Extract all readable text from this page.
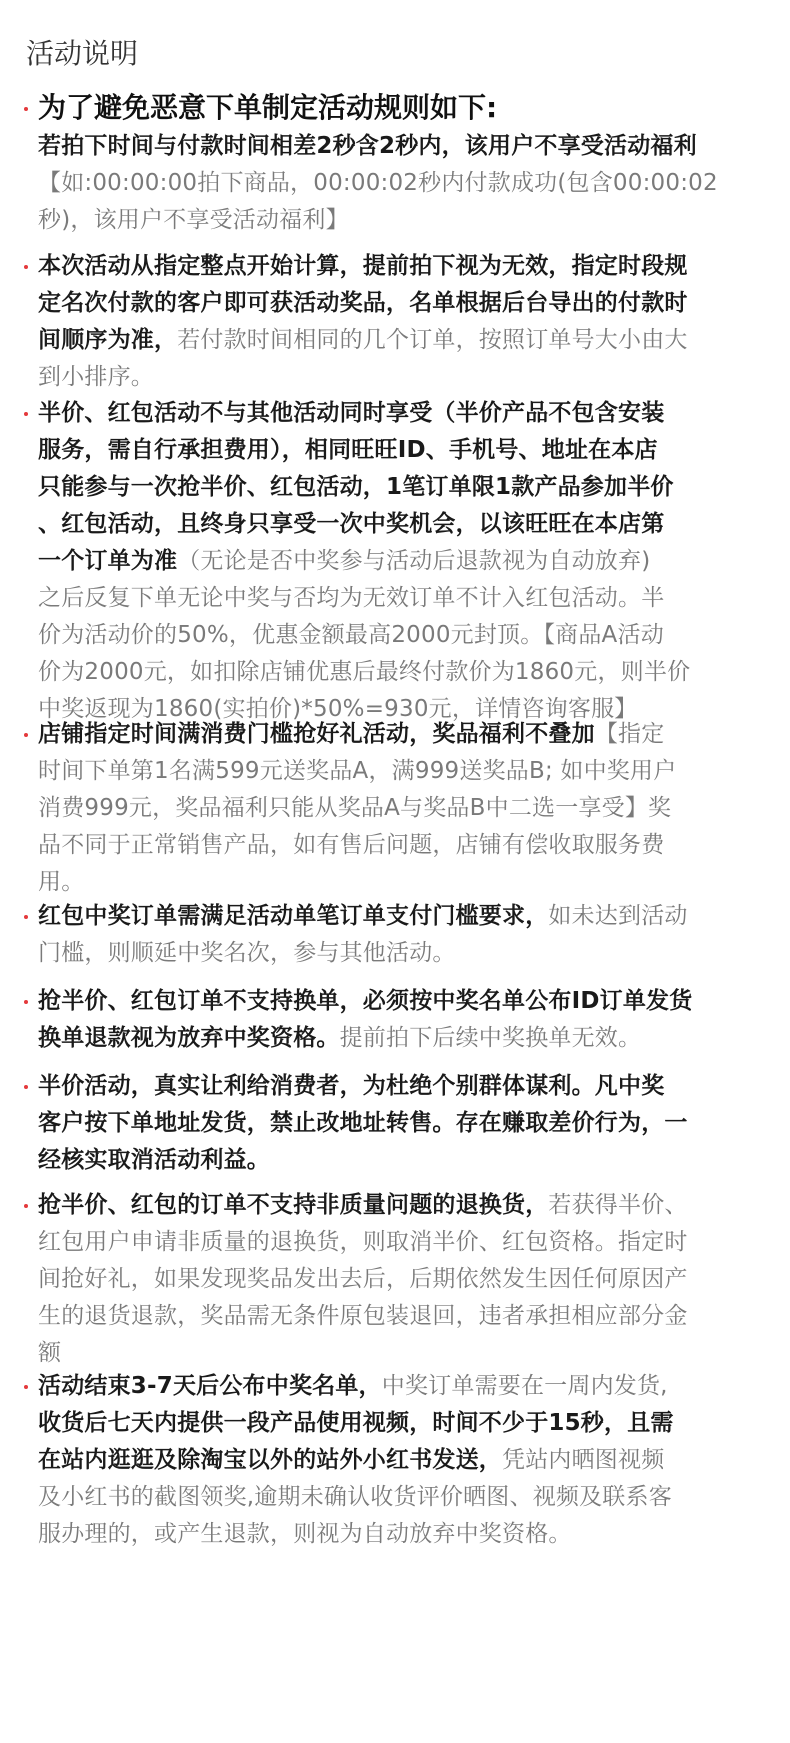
活动说明
为了避免恶意下单制定活动规则如下:
若拍下时间与付款时间相差2秒含2秒内，该用户不享受活动福利
【如:00:00:00拍下商品，00:00:02秒内付款成功(包含00:00:02
秒)，该用户不享受活动福利】
本次活动从指定整点开始计算，提前拍下视为无效，指定时段规
定名次付款的客户即可获活动奖品，名单根据后台导出的付款时
间顺序为准，若付款时间相同的几个订单，按照订单号大小由大
到小排序。
半价、红包活动不与其他活动同时享受（半价产品不包含安装
服务，需自行承担费用），相同旺旺ID、手机号、地址在本店
只能参与一次抢半价、红包活动，1笔订单限1款产品参加半价
、红包活动，且终身只享受一次中奖机会，以该旺旺在本店第
一个订单为准（无论是否中奖参与活动后退款视为自动放弃)
之后反复下单无论中奖与否均为无效订单不计入红包活动。半
价为活动价的50%，优惠金额最高2000元封顶。【商品A活动
价为2000元，如扣除店铺优惠后最终付款价为1860元，则半价
中奖返现为1860(实拍价)*50%=930元，详情咨询客服】
店铺指定时间满消费门槛抢好礼活动，奖品福利不叠加【指定
时间下单第1名满599元送奖品A，满999送奖品B; 如中奖用户
消费999元，奖品福利只能从奖品A与奖品B中二选一享受】奖
品不同于正常销售产品，如有售后问题，店铺有偿收取服务费
用。
红包中奖订单需满足活动单笔订单支付门槛要求，如未达到活动
门槛，则顺延中奖名次，参与其他活动。
抢半价、红包订单不支持换单，必须按中奖名单公布ID订单发货
换单退款视为放弃中奖资格。提前拍下后续中奖换单无效。
半价活动，真实让利给消费者，为杜绝个别群体谋利。凡中奖
客户按下单地址发货，禁止改地址转售。存在赚取差价行为，一
经核实取消活动利益。
抢半价、红包的订单不支持非质量问题的退换货，若获得半价、
红包用户申请非质量的退换货，则取消半价、红包资格。指定时
间抢好礼，如果发现奖品发出去后，后期依然发生因任何原因产
生的退货退款，奖品需无条件原包装退回，违者承担相应部分金
额
活动结束3-7天后公布中奖名单，中奖订单需要在一周内发货,
收货后七天内提供一段产品使用视频，时间不少于15秒，且需
在站内逛逛及除淘宝以外的站外小红书发送，凭站内晒图视频
及小红书的截图领奖,逾期未确认收货评价晒图、视频及联系客
服办理的，或产生退款，则视为自动放弃中奖资格。
